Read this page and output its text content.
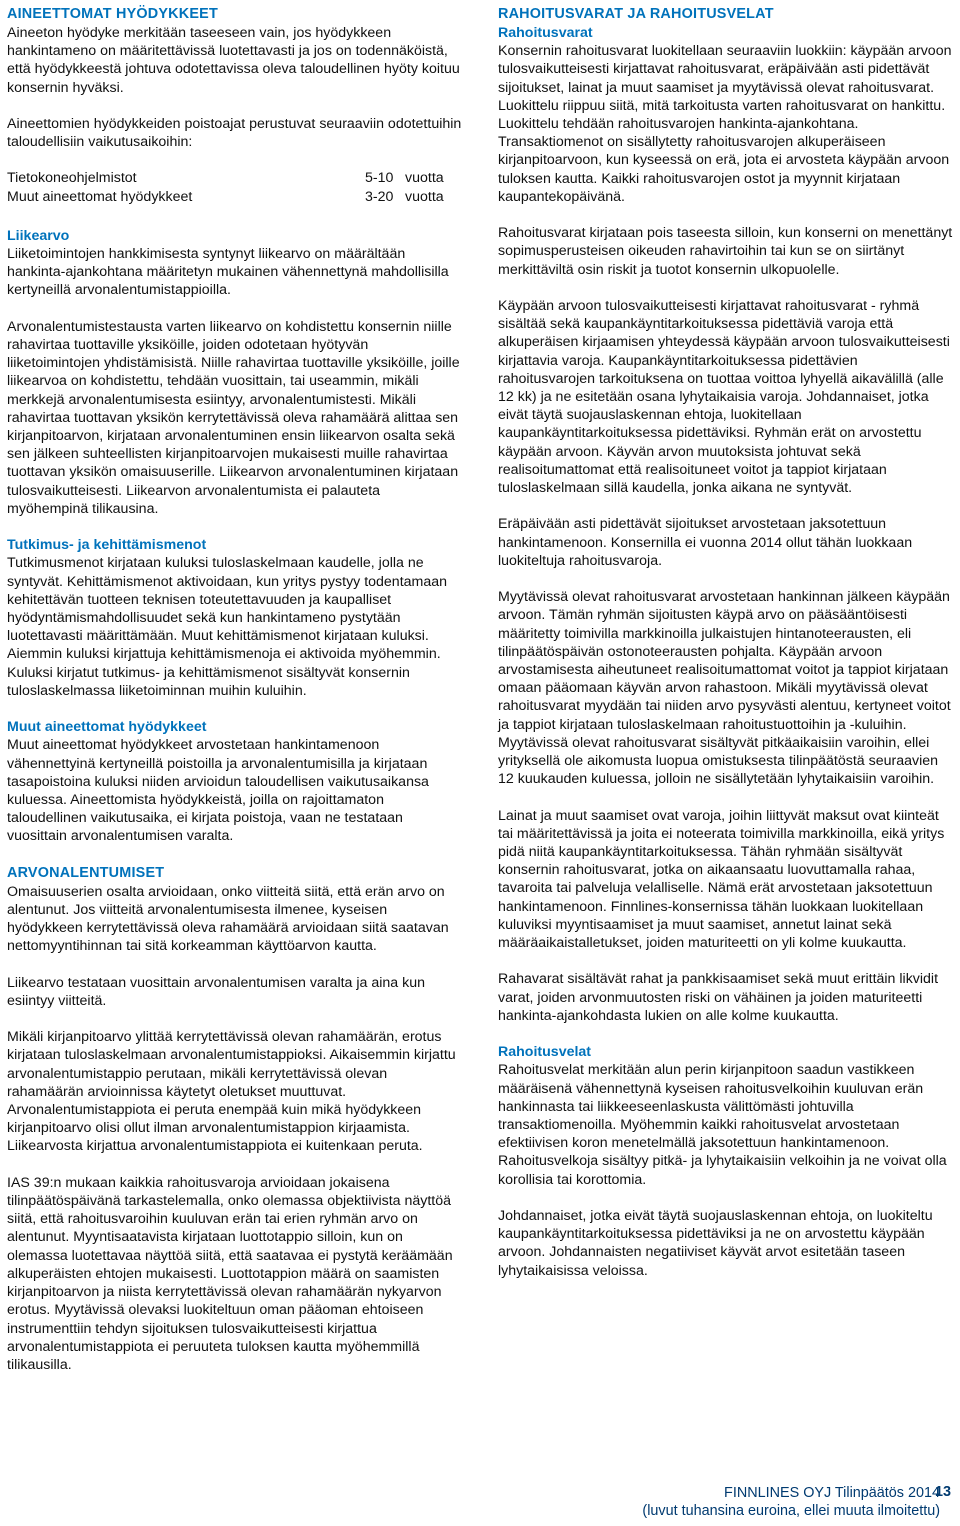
AINEETTOMAT HYÖDYKKEET

Aineeton hyödyke merkitään taseeseen vain, jos hyödykkeen hankintameno on määritettävissä luotettavasti ja jos on todennäköistä, että hyödykkeestä johtuva odotettavissa oleva taloudellinen hyöty koituu konsernin hyväksi.

Aineettomien hyödykkeiden poistoajat perustuvat seuraaviin odotettuihin taloudellisiin vaikutusaikoihin:

Tietokoneohjelmistot	5-10 vuotta
Muut aineettomat hyödykkeet	3-20 vuotta
Liikearvo

Liiketoimintojen hankkimisesta syntynyt liikearvo on määrältään hankinta-ajankohtana määritetyn mukainen vähennettynä mahdollisilla kertyneillä arvonalentumistappioilla.

Arvonalentumistestausta varten liikearvo on kohdistettu konsernin niille rahavirtaa tuottaville yksiköille, joiden odotetaan hyötyvän liiketoimintojen yhdistämisistä. Niille rahavirtaa tuottaville yksiköille, joille liikearvoa on kohdistettu, tehdään vuosittain, tai useammin, mikäli merkkejä arvonalentumisesta esiintyy, arvonalentumistesti. Mikäli rahavirtaa tuottavan yksikön kerrytettävissä oleva rahamäärä alittaa sen kirjanpitoarvon, kirjataan arvonalentuminen ensin liikearvon osalta sekä sen jälkeen suhteellisten kirjanpitoarvojen mukaisesti muille rahavirtaa tuottavan yksikön omaisuuserille. Liikearvon arvonalentuminen kirjataan tulosvaikutteisesti. Liikearvon arvonalentumista ei palauteta myöhempinä tilikausina.

Tutkimus- ja kehittämismenot

Tutkimusmenot kirjataan kuluksi tuloslaskelmaan kaudelle, jolla ne syntyvät. Kehittämismenot aktivoidaan, kun yritys pystyy todentamaan kehitettävän tuotteen teknisen toteutettavuuden ja kaupalliset hyödyntämismahdollisuudet sekä kun hankintameno pystytään luotettavasti määrittämään. Muut kehittämismenot kirjataan kuluksi. Aiemmin kuluksi kirjattuja kehittämismenoja ei aktivoida myöhemmin. Kuluksi kirjatut tutkimus- ja kehittämismenot sisältyvät konsernin tuloslaskelmassa liiketoiminnan muihin kuluihin.

Muut aineettomat hyödykkeet

Muut aineettomat hyödykkeet arvostetaan hankintamenoon vähennettyinä kertyneillä poistoilla ja arvonalentumisilla ja kirjataan tasapoistoina kuluksi niiden arvioidun taloudellisen vaikutusaikansa kuluessa. Aineettomista hyödykkeistä, joilla on rajoittamaton taloudellinen vaikutusaika, ei kirjata poistoja, vaan ne testataan vuosittain arvonalentumisen varalta.

ARVONALENTUMISET

Omaisuuserien osalta arvioidaan, onko viitteitä siitä, että erän arvo on alentunut. Jos viitteitä arvonalentumisesta ilmenee, kyseisen hyödykkeen kerrytettävissä oleva rahamäärä arvioidaan siitä saatavan nettomyyntihinnan tai sitä korkeamman käyttöarvon kautta.

Liikearvo testataan vuosittain arvonalentumisen varalta ja aina kun esiintyy viitteitä.

Mikäli kirjanpitoarvo ylittää kerrytettävissä olevan rahamäärän, erotus kirjataan tuloslaskelmaan arvonalentumistappioksi. Aikaisemmin kirjattu arvonalentumistappio perutaan, mikäli kerrytettävissä olevan rahamäärän arvioinnissa käytetyt oletukset muuttuvat. Arvonalentumistappiota ei peruta enempää kuin mikä hyödykkeen kirjanpitoarvo olisi ollut ilman arvonalentumistappion kirjaamista. Liikearvosta kirjattua arvonalentumistappiota ei kuitenkaan peruta.

IAS 39:n mukaan kaikkia rahoitusvaroja arvioidaan jokaisena tilinpäätöspäivänä tarkastelemalla, onko olemassa objektiivista näyttöä siitä, että rahoitusvaroihin kuuluvan erän tai erien ryhmän arvo on alentunut. Myyntisaatavista kirjataan luottotappio silloin, kun on olemassa luotettavaa näyttöä siitä, että saatavaa ei pystytä keräämään alkuperäisten ehtojen mukaisesti. Luottotappion määrä on saamisten kirjanpitoarvon ja niista kerrytettävissä olevan rahamäärän nykyarvon erotus. Myytävissä olevaksi luokiteltuun oman pääoman ehtoiseen instrumenttiin tehdyn sijoituksen tulosvaikutteisesti kirjattua arvonalentumistappiota ei peruuteta tuloksen kautta myöhemmillä tilikausilla.

RAHOITUSVARAT JA RAHOITUSVELAT
Rahoitusvarat

Konsernin rahoitusvarat luokitellaan seuraaviin luokkiin: käypään arvoon tulosvaikutteisesti kirjattavat rahoitusvarat, eräpäivään asti pidettävät sijoitukset, lainat ja muut saamiset ja myytävissä olevat rahoitusvarat. Luokittelu riippuu siitä, mitä tarkoitusta varten rahoitusvarat on hankittu. Luokittelu tehdään rahoitusvarojen hankinta-ajankohtana. Transaktiomenot on sisällytetty rahoitusvarojen alkuperäiseen kirjanpitoarvoon, kun kyseessä on erä, jota ei arvosteta käypään arvoon tuloksen kautta. Kaikki rahoitusvarojen ostot ja myynnit kirjataan kaupantekopäivänä.

Rahoitusvarat kirjataan pois taseesta silloin, kun konserni on menettänyt sopimusperusteisen oikeuden rahavirtoihin tai kun se on siirtänyt merkittäviltä osin riskit ja tuotot konsernin ulkopuolelle.

Käypään arvoon tulosvaikutteisesti kirjattavat rahoitusvarat - ryhmä sisältää sekä kaupankäyntitarkoituksessa pidettäviä varoja että alkuperäisen kirjaamisen yhteydessä käypään arvoon tulosvaikutteisesti kirjattavia varoja. Kaupankäyntitarkoituksessa pidettävien rahoitusvarojen tarkoituksena on tuottaa voittoa lyhyellä aikavälillä (alle 12 kk) ja ne esitetään osana lyhytaikaisia varoja. Johdannaiset, jotka eivät täytä suojauslaskennan ehtoja, luokitellaan kaupankäyntitarkoituksessa pidettäviksi. Ryhmän erät on arvostettu käypään arvoon. Käyvän arvon muutoksista johtuvat sekä realisoitumattomat että realisoituneet voitot ja tappiot kirjataan tuloslaskelmaan sillä kaudella, jonka aikana ne syntyvät.

Eräpäivään asti pidettävät sijoitukset arvostetaan jaksotettuun hankintamenoon. Konsernilla ei vuonna 2014 ollut tähän luokkaan luokiteltuja rahoitusvaroja.

Myytävissä olevat rahoitusvarat arvostetaan hankinnan jälkeen käypään arvoon. Tämän ryhmän sijoitusten käypä arvo on pääsääntöisesti määritetty toimivilla markkinoilla julkaistujen hintanoteerausten, eli tilinpäätöspäivän ostonoteerausten pohjalta. Käypään arvoon arvostamisesta aiheutuneet realisoitumattomat voitot ja tappiot kirjataan omaan pääomaan käyvän arvon rahastoon. Mikäli myytävissä olevat rahoitusvarat myydään tai niiden arvo pysyvästi alentuu, kertyneet voitot ja tappiot kirjataan tuloslaskelmaan rahoitustuottoihin ja -kuluihin. Myytävissä olevat rahoitusvarat sisältyvät pitkäaikaisiin varoihin, ellei yrityksellä ole aikomusta luopua omistuksesta tilinpäätöstä seuraavien 12 kuukauden kuluessa, jolloin ne sisällytetään lyhytaikaisiin varoihin.

Lainat ja muut saamiset ovat varoja, joihin liittyvät maksut ovat kiinteät tai määritettävissä ja joita ei noteerata toimivilla markkinoilla, eikä yritys pidä niitä kaupankäyntitarkoituksessa. Tähän ryhmään sisältyvät konsernin rahoitusvarat, jotka on aikaansaatu luovuttamalla rahaa, tavaroita tai palveluja velalliselle. Nämä erät arvostetaan jaksotettuun hankintamenoon. Finnlines-konsernissa tähän luokkaan luokitellaan kuluviksi myyntisaamiset ja muut saamiset, annetut lainat sekä määräaikaistalletukset, joiden maturiteetti on yli kolme kuukautta.

Rahavarat sisältävät rahat ja pankkisaamiset sekä muut erittäin likvidit varat, joiden arvonmuutosten riski on vähäinen ja joiden maturiteetti hankinta-ajankohdasta lukien on alle kolme kuukautta.

Rahoitusvelat

Rahoitusvelat merkitään alun perin kirjanpitoon saadun vastikkeen määräisenä vähennettynä kyseisen rahoitusvelkoihin kuuluvan erän hankinnasta tai liikkeeseenlaskusta välittömästi johtuvilla transaktiomenoilla. Myöhemmin kaikki rahoitusvelat arvostetaan efektiivisen koron menetelmällä jaksotettuun hankintamenoon. Rahoitusvelkoja sisältyy pitkä- ja lyhytaikaisiin velkoihin ja ne voivat olla korollisia tai korottomia.

Johdannaiset, jotka eivät täytä suojauslaskennan ehtoja, on luokiteltu kaupankäyntitarkoituksessa pidettäviksi ja ne on arvostettu käypään arvoon. Johdannaisten negatiiviset käyvät arvot esitetään taseen lyhytaikaisissa veloissa.

FINNLINES OYJ Tilinpäätös 2014
(luvut tuhansina euroina, ellei muuta ilmoitettu)
13
